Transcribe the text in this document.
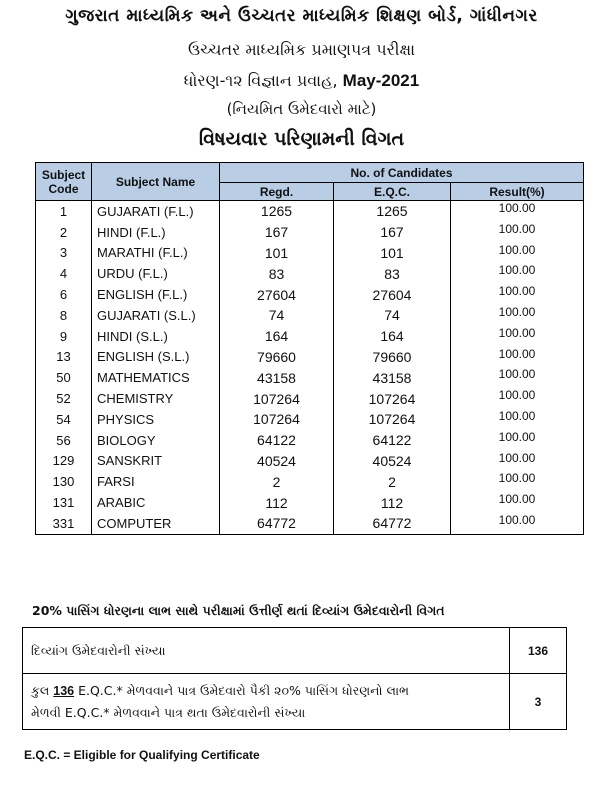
ગુજરાત માધ્યમિક અને ઉચ્ચતર માધ્યમિક શિક્ષણ બોર્ડ, ગાંધીનગર
ઉચ્ચતર માધ્યમિક પ્રમાણપત્ર પરીક્ષા
ધોરણ-૧૨ વિજ્ઞાન પ્રવાહ, May-2021
(નિયમિત ઉમેદવારો માટે)
વિષયવાર પરિણામની વિગત
Subject Code	Subject Name	No. of Candidates		
		Regd.	E.Q.C.	Result(%)
1	GUJARATI (F.L.)	1265	1265	100.00
2	HINDI (F.L.)	167	167	100.00
3	MARATHI (F.L.)	101	101	100.00
4	URDU (F.L.)	83	83	100.00
6	ENGLISH (F.L.)	27604	27604	100.00
8	GUJARATI (S.L.)	74	74	100.00
9	HINDI (S.L.)	164	164	100.00
13	ENGLISH (S.L.)	79660	79660	100.00
50	MATHEMATICS	43158	43158	100.00
52	CHEMISTRY	107264	107264	100.00
54	PHYSICS	107264	107264	100.00
56	BIOLOGY	64122	64122	100.00
129	SANSKRIT	40524	40524	100.00
130	FARSI	2	2	100.00
131	ARABIC	112	112	100.00
331	COMPUTER	64772	64772	100.00
20% પાસિંગ ધોરણના લાભ સાથે પરીક્ષામાં ઉત્તીર્ણ થતાં દિવ્યાંગ ઉમેદવારોની વિગત
દિવ્યાંગ ઉમેદવારોની સંખ્યા	136

કુલ 136 E.Q.C.* મેળવવાને પાત્ર ઉમેદવારો પૈકી ૨૦% પાસિંગ ધોરણનો લાભ
મેળવી E.Q.C.* મેળવવાને પાત્ર થતા ઉમેદવારોની સંખ્યા	3
E.Q.C. = Eligible for Qualifying Certificate
